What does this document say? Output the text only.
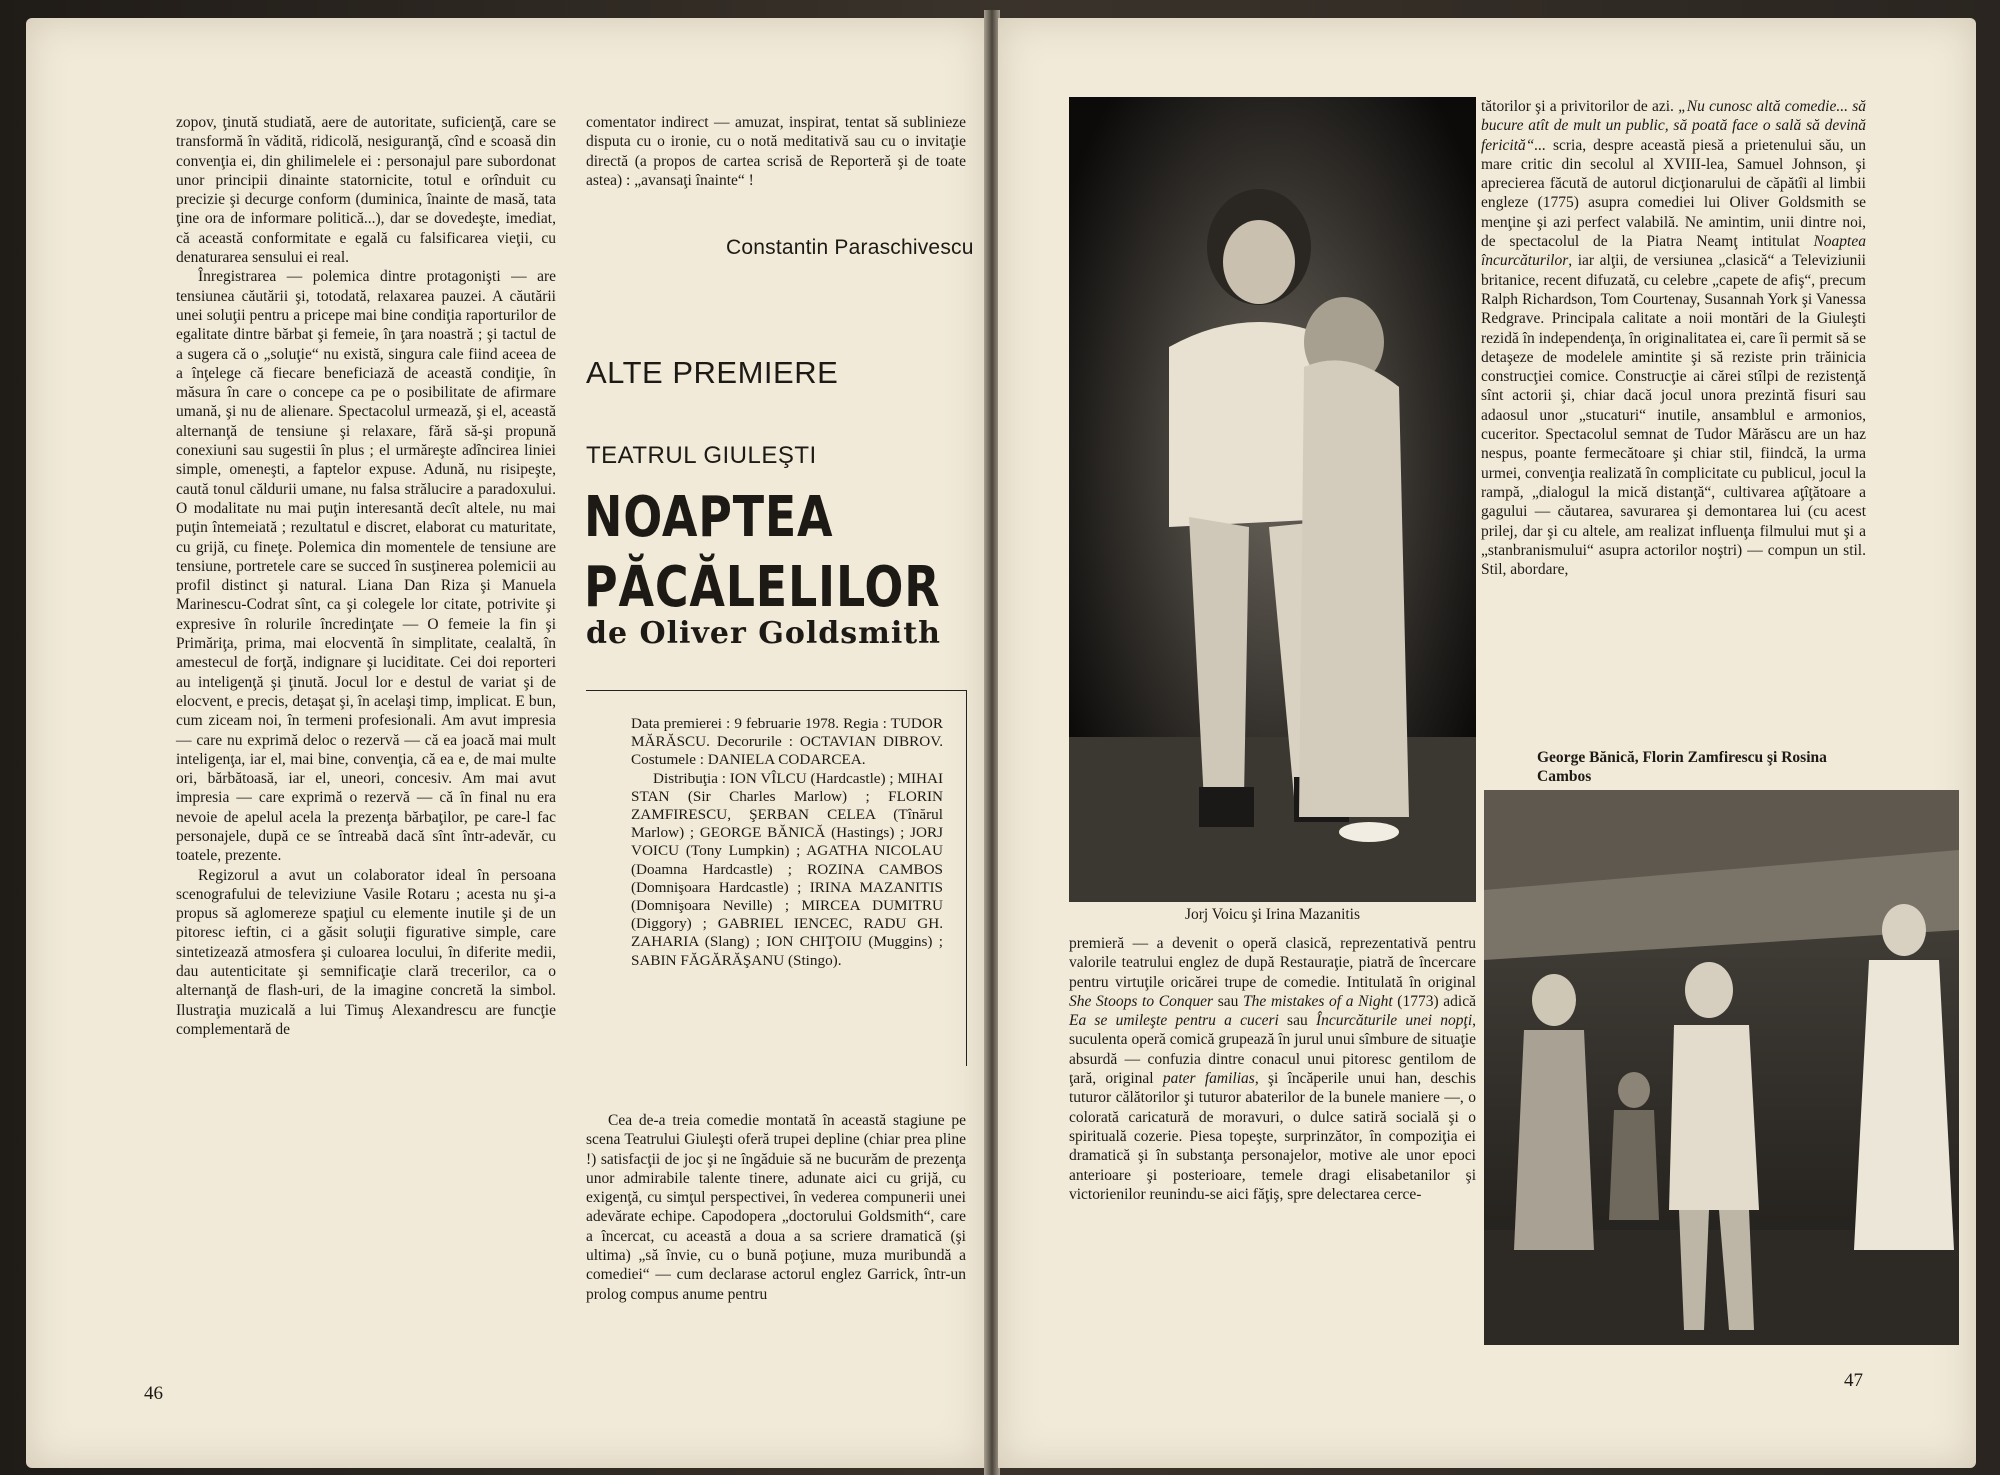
zopov, ţinută studiată, aere de autoritate, suficienţă, care se transformă în vădită, ridicolă, nesiguranţă, cînd e scoasă din convenţia ei, din ghilimelele ei : personajul pare subordonat unor principii dinainte statornicite, totul e orînduit cu precizie şi decurge conform (duminica, înainte de masă, tata ţine ora de informare politică...), dar se dovedeşte, imediat, că această conformitate e egală cu falsificarea vieţii, cu denaturarea sensului ei real.

Înregistrarea — polemica dintre protagonişti — are tensiunea căutării şi, totodată, relaxarea pauzei. A căutării unei soluţii pentru a pricepe mai bine condiţia raporturilor de egalitate dintre bărbat şi femeie, în ţara noastră ; şi tactul de a sugera că o „soluţie“ nu există, singura cale fiind aceea de a înţelege că fiecare beneficiază de această condiţie, în măsura în care o concepe ca pe o posibilitate de afirmare umană, şi nu de alienare. Spectacolul urmează, şi el, această alternanţă de tensiune şi relaxare, fără să-şi propună conexiuni sau sugestii în plus ; el urmăreşte adîncirea liniei simple, omeneşti, a faptelor expuse. Adună, nu risipeşte, caută tonul căldurii umane, nu falsa strălucire a paradoxului. O modalitate nu mai puţin interesantă decît altele, nu mai puţin întemeiată ; rezultatul e discret, elaborat cu maturitate, cu grijă, cu fineţe. Polemica din momentele de tensiune are tensiune, portretele care se succed în susţinerea polemicii au profil distinct şi natural. Liana Dan Riza şi Manuela Marinescu-Codrat sînt, ca şi colegele lor citate, potrivite şi expresive în rolurile încredinţate — O femeie la fin şi Primăriţa, prima, mai elocventă în simplitate, cealaltă, în amestecul de forţă, indignare şi luciditate. Cei doi reporteri au inteligenţă şi ţinută. Jocul lor e destul de variat şi de elocvent, e precis, detaşat şi, în acelaşi timp, implicat. E bun, cum ziceam noi, în termeni profesionali. Am avut impresia — care nu exprimă deloc o rezervă — că ea joacă mai mult inteligenţa, iar el, mai bine, convenţia, că ea e, de mai multe ori, bărbătoasă, iar el, uneori, concesiv. Am mai avut impresia — care exprimă o rezervă — că în final nu era nevoie de apelul acela la prezenţa bărbaţilor, pe care-l fac personajele, după ce se întreabă dacă sînt într-adevăr, cu toatele, prezente.

Regizorul a avut un colaborator ideal în persoana scenografului de televiziune Vasile Rotaru ; acesta nu şi-a propus să aglomereze spaţiul cu elemente inutile şi de un pitoresc ieftin, ci a găsit soluţii figurative simple, care sintetizează atmosfera şi culoarea locului, în diferite medii, dau autenticitate şi semnificaţie clară trecerilor, ca o alternanţă de flash-uri, de la imagine concretă la simbol. Ilustraţia muzicală a lui Timuş Alexandrescu are funcţie complementară de

comentator indirect — amuzat, inspirat, tentat să sublinieze disputa cu o ironie, cu o notă meditativă sau cu o invitaţie directă (a propos de cartea scrisă de Reporteră şi de toate astea) : „avansaţi înainte“ !

Constantin Paraschivescu
ALTE PREMIERE
TEATRUL GIULEŞTI
NOAPTEA
PĂCĂLELILOR
de Oliver Goldsmith

Data premierei : 9 februarie 1978. Regia : TUDOR MĂRĂSCU. Decorurile : OCTAVIAN DIBROV. Costumele : DANIELA CODARCEA.

Distribuţia : ION VÎLCU (Hardcastle) ; MIHAI STAN (Sir Charles Marlow) ; FLORIN ZAMFIRESCU, ŞERBAN CELEA (Tînărul Marlow) ; GEORGE BĂNICĂ (Hastings) ; JORJ VOICU (Tony Lumpkin) ; AGATHA NICOLAU (Doamna Hardcastle) ; ROZINA CAMBOS (Domnişoara Hardcastle) ; IRINA MAZANITIS (Domnişoara Neville) ; MIRCEA DUMITRU (Diggory) ; GABRIEL IENCEC, RADU GH. ZAHARIA (Slang) ; ION CHIŢOIU (Muggins) ; SABIN FĂGĂRĂŞANU (Stingo).

Cea de-a treia comedie montată în această stagiune pe scena Teatrului Giuleşti oferă trupei depline (chiar prea pline !) satisfacţii de joc şi ne îngăduie să ne bucurăm de prezenţa unor admirabile talente tinere, adunate aici cu grijă, cu exigenţă, cu simţul perspectivei, în vederea compunerii unei adevărate echipe. Capodopera „doctorului Goldsmith“, care a încercat, cu această a doua a sa scriere dramatică (şi ultima) „să învie, cu o bună poţiune, muza muribundă a comediei“ — cum declarase actorul englez Garrick, într-un prolog compus anume pentru

46
Jorj Voicu şi Irina Mazanitis

premieră — a devenit o operă clasică, reprezentativă pentru valorile teatrului englez de după Restauraţie, piatră de încercare pentru virtuţile oricărei trupe de comedie. Intitulată în original She Stoops to Conquer sau The mistakes of a Night (1773) adică Ea se umileşte pentru a cuceri sau Încurcăturile unei nopţi, suculenta operă comică grupează în jurul unui sîmbure de situaţie absurdă — confuzia dintre conacul unui pitoresc gentilom de ţară, original pater familias, şi încăperile unui han, deschis tuturor călătorilor şi tuturor abaterilor de la bunele maniere —, o colorată caricatură de moravuri, o dulce satiră socială şi o spirituală cozerie. Piesa topeşte, surprinzător, în compoziţia ei dramatică şi în substanţa personajelor, motive ale unor epoci anterioare şi posterioare, temele dragi elisabetanilor şi victorienilor reunindu-se aici făţiş, spre delectarea cerce-

tătorilor şi a privitorilor de azi. „Nu cunosc altă comedie... să bucure atît de mult un public, să poată face o sală să devină fericită“... scria, despre această piesă a prietenului său, un mare critic din secolul al XVIII-lea, Samuel Johnson, şi aprecierea făcută de autorul dicţionarului de căpătîi al limbii engleze (1775) asupra comediei lui Oliver Goldsmith se menţine şi azi perfect valabilă. Ne amintim, unii dintre noi, de spectacolul de la Piatra Neamţ intitulat Noaptea încurcăturilor, iar alţii, de versiunea „clasică“ a Televiziunii britanice, recent difuzată, cu celebre „capete de afiş“, precum Ralph Richardson, Tom Courtenay, Susannah York şi Vanessa Redgrave. Principala calitate a noii montări de la Giuleşti rezidă în independenţa, în originalitatea ei, care îi permit să se detaşeze de modelele amintite şi să reziste prin trăinicia construcţiei comice. Construcţie ai cărei stîlpi de rezistenţă sînt actorii şi, chiar dacă jocul unora prezintă fisuri sau adaosul unor „stucaturi“ inutile, ansamblul e armonios, cuceritor. Spectacolul semnat de Tudor Mărăscu are un haz nespus, poante fermecătoare şi chiar stil, fiindcă, la urma urmei, convenţia realizată în complicitate cu publicul, jocul la rampă, „dialogul la mică distanţă“, cultivarea aţîţătoare a gagului — căutarea, savurarea şi demontarea lui (cu acest prilej, dar şi cu altele, am realizat influenţa filmului mut şi a „stanbranismului“ asupra actorilor noştri) — compun un stil. Stil, abordare,

George Bănică, Florin Zamfirescu şi Rosina Cambos
47
